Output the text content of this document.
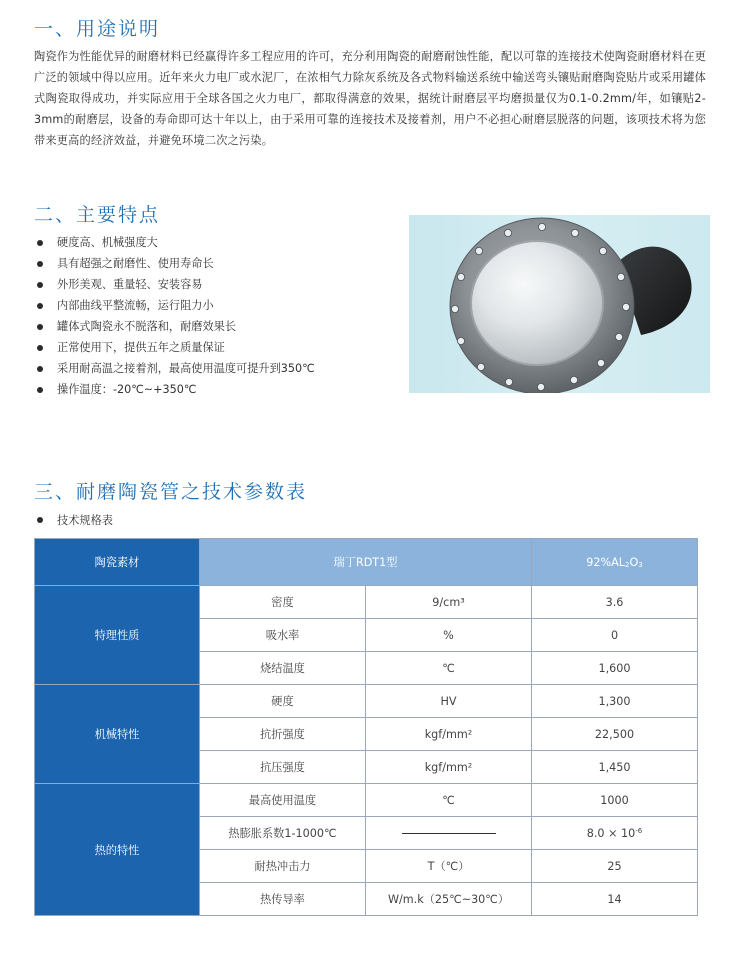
一、用途说明

陶瓷作为性能优异的耐磨材料已经赢得许多工程应用的许可，充分利用陶瓷的耐磨耐蚀性能，配以可靠的连接技术使陶瓷耐磨材料在更广泛的领域中得以应用。近年来火力电厂或水泥厂，在浓相气力除灰系统及各式物料输送系统中输送弯头镶贴耐磨陶瓷贴片或采用罐体式陶瓷取得成功，并实际应用于全球各国之火力电厂，都取得满意的效果，据统计耐磨层平均磨损量仅为0.1-0.2mm/年，如镶贴2-3mm的耐磨层，设备的寿命即可达十年以上，由于采用可靠的连接技术及接着剂，用户不必担心耐磨层脱落的问题，该项技术将为您带来更高的经济效益，并避免环境二次之污染。

二、主要特点
硬度高、机械强度大
具有超强之耐磨性、使用寿命长
外形美观、重量轻、安装容易
内部曲线平整流畅，运行阻力小
罐体式陶瓷永不脱落和，耐磨效果长
正常使用下，提供五年之质量保证
采用耐高温之接着剂，最高使用温度可提升到350℃
操作温度：-20℃~+350℃
三、耐磨陶瓷管之技术参数表
技术规格表
陶瓷素材	瑞丁RDT1型		$92\%AL_2O_3$
特理性质	密度	9/cm³	3.6
	吸水率	%	0
	烧结温度	℃	1,600
机械特性	硬度	HV	1,300
	抗折强度	kgf/mm²	22,500
	抗压强度	kgf/mm²	1,450
热的特性	最高使用温度	℃	1000
	热膨胀系数1-1000℃		$8.0 \times 10^{-6}$
	耐热冲击力	T（℃）	25
	热传导率	W/m.k（25℃~30℃）	14
